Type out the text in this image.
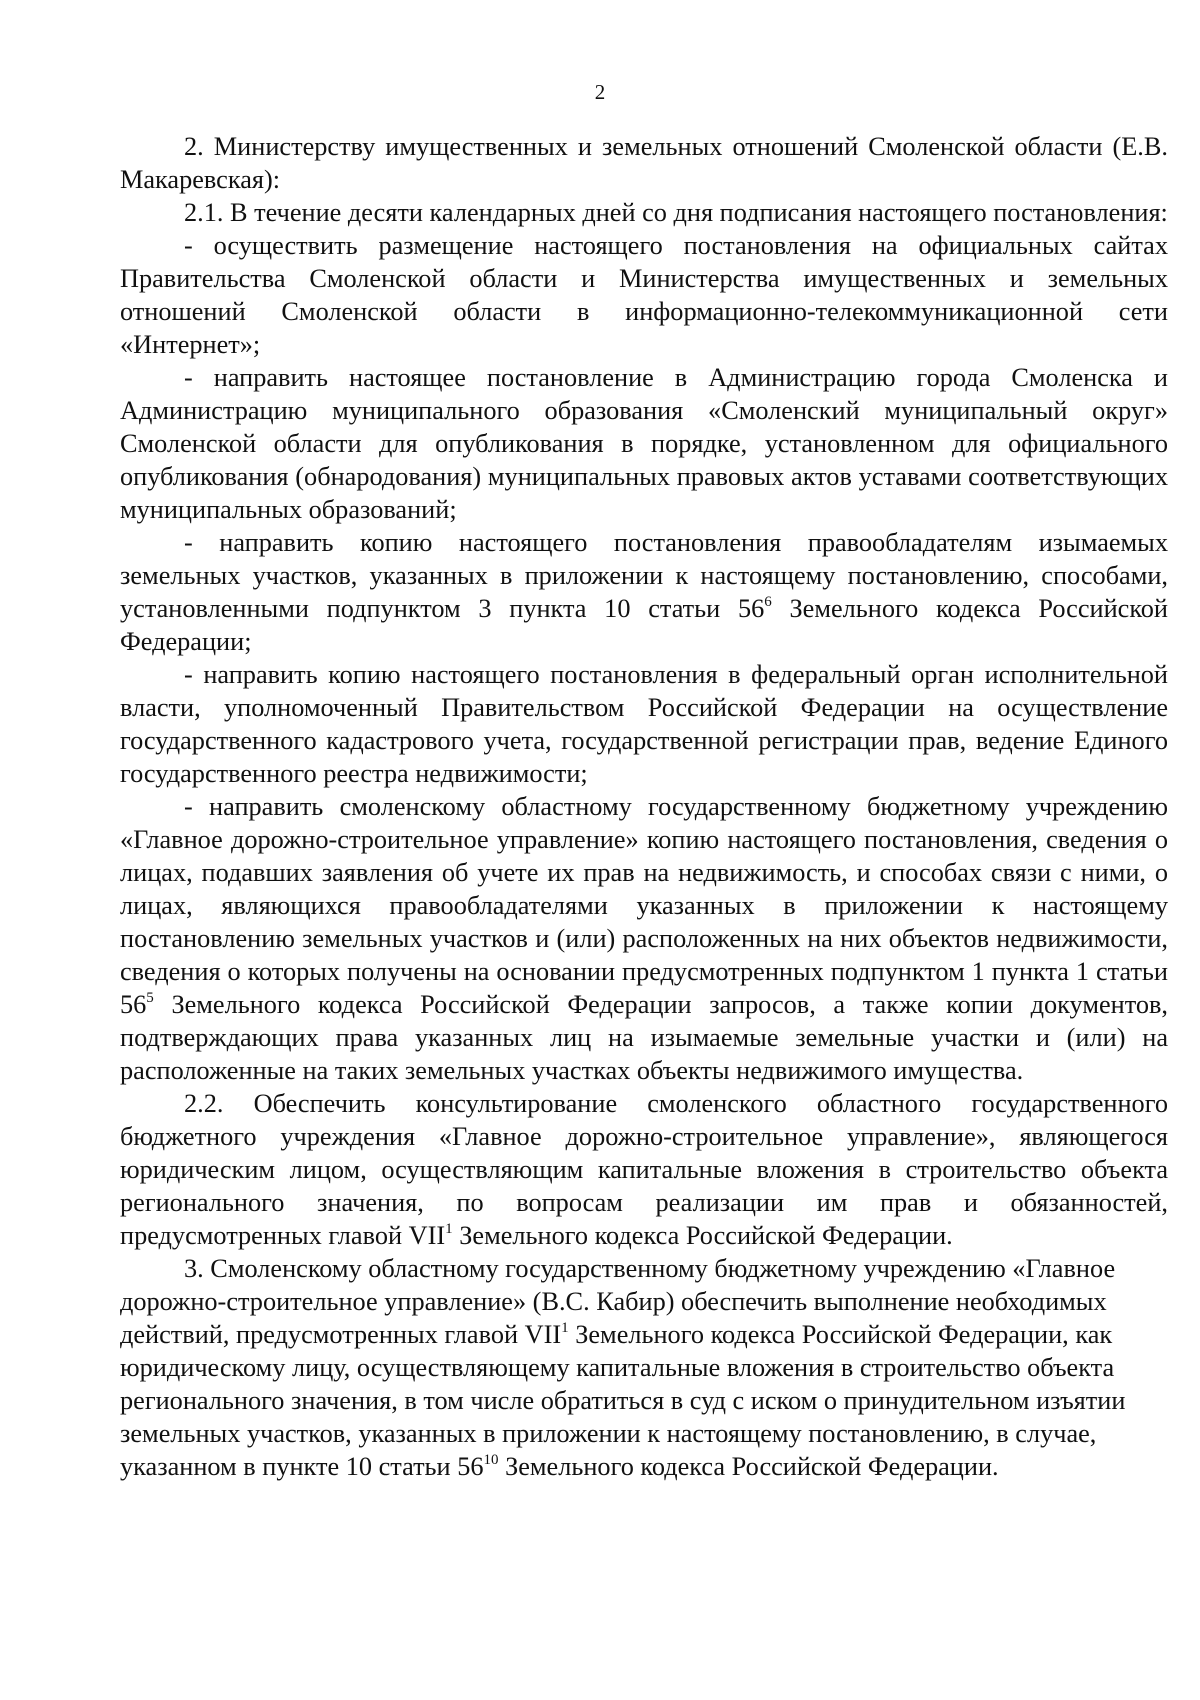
2

2. Министерству имущественных и земельных отношений Смоленской области (Е.В. Макаревская):

2.1. В течение десяти календарных дней со дня подписания настоящего постановления:

- осуществить размещение настоящего постановления на официальных сайтах Правительства Смоленской области и Министерства имущественных и земельных отношений Смоленской области в информационно-телекоммуникационной сети «Интернет»;

- направить настоящее постановление в Администрацию города Смоленска и Администрацию муниципального образования «Смоленский муниципальный округ» Смоленской области для опубликования в порядке, установленном для официального опубликования (обнародования) муниципальных правовых актов уставами соответствующих муниципальных образований;

- направить копию настоящего постановления правообладателям изымаемых земельных участков, указанных в приложении к настоящему постановлению, способами, установленными подпунктом 3 пункта 10 статьи $56^6$ Земельного кодекса Российской Федерации;

- направить копию настоящего постановления в федеральный орган исполнительной власти, уполномоченный Правительством Российской Федерации на осуществление государственного кадастрового учета, государственной регистрации прав, ведение Единого государственного реестра недвижимости;

- направить смоленскому областному государственному бюджетному учреждению «Главное дорожно-строительное управление» копию настоящего постановления, сведения о лицах, подавших заявления об учете их прав на недвижимость, и способах связи с ними, о лицах, являющихся правообладателями указанных в приложении к настоящему постановлению земельных участков и (или) расположенных на них объектов недвижимости, сведения о которых получены на основании предусмотренных подпунктом 1 пункта 1 статьи $56^5$ Земельного кодекса Российской Федерации запросов, а также копии документов, подтверждающих права указанных лиц на изымаемые земельные участки и (или) на расположенные на таких земельных участках объекты недвижимого имущества.

2.2. Обеспечить консультирование смоленского областного государственного бюджетного учреждения «Главное дорожно-строительное управление», являющегося юридическим лицом, осуществляющим капитальные вложения в строительство объекта регионального значения, по вопросам реализации им прав и обязанностей, предусмотренных главой VII$^1$ Земельного кодекса Российской Федерации.

3. Смоленскому областному государственному бюджетному учреждению «Главное дорожно-строительное управление» (В.С. Кабир) обеспечить выполнение необходимых действий, предусмотренных главой VII$^1$ Земельного кодекса Российской Федерации, как юридическому лицу, осуществляющему капитальные вложения в строительство объекта регионального значения, в том числе обратиться в суд с иском о принудительном изъятии земельных участков, указанных в приложении к настоящему постановлению, в случае, указанном в пункте 10 статьи $56^{10}$ Земельного кодекса Российской Федерации.
